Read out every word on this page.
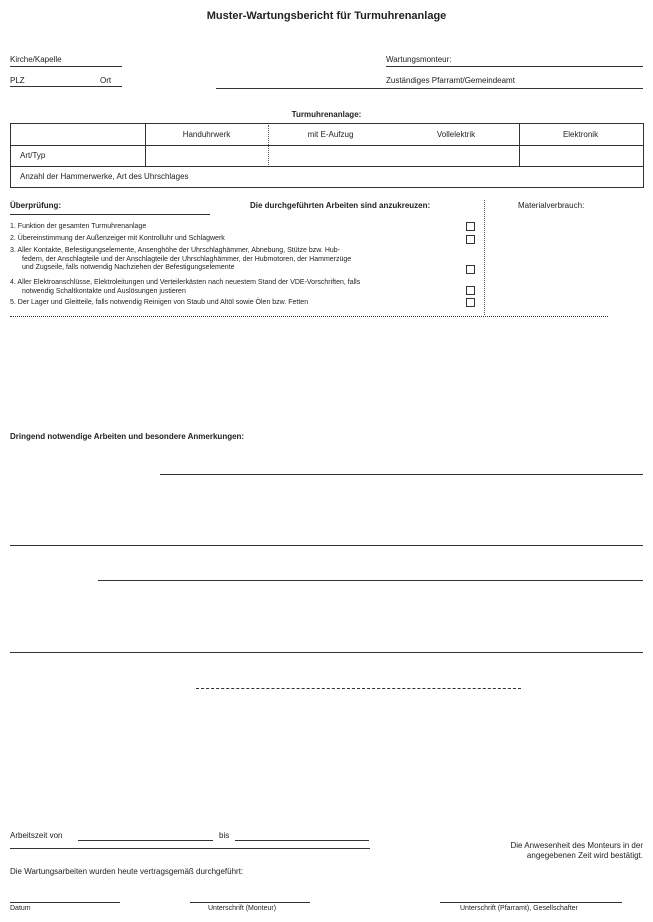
Muster-Wartungsbericht für Turmuhrenanlage
Kirche/Kapelle
PLZ	Ort
Wartungsmonteur:
Zuständiges Pfarramt/Gemeindeamt
Turmuhrenanlage:
Handuhrwerk	mit E-Aufzug	Vollelektrik	Elektronik
Art/Typ
Anzahl der Hammerwerke, Art des Uhrschlages
Überprüfung:	Die durchgeführten Arbeiten sind anzukreuzen:	Materialverbrauch:
1. Funktion der gesamten Turmuhrenanlage
2. Übereinstimmung der Außenzeiger mit Kontrolluhr und Schlagwerk
3. Aller Kontakte, Befestigungselemente, Ansenghöhe der Uhrschlaghämmer, Abnebung, Stütze bzw. Hub-
federn, der Anschlagteile und der Anschlagteile der Uhrschlaghämmer, der Hubmotoren, der Hammerzüge
und Zugseile, falls notwendig Nachziehen der Befestigungselemente
4. Aller Elektroanschlüsse, Elektroleitungen und Verteilerkästen nach neuestem Stand der VDE-Vorschriften, falls
notwendig Schaltkontakte und Auslösungen justieren
5. Der Lager und Gleitteile, falls notwendig Reinigen von Staub und Altöl sowie Ölen bzw. Fetten
Dringend notwendige Arbeiten und besondere Anmerkungen:
Arbeitszeit von	bis
Die Anwesenheit des Monteurs in der
angegebenen Zeit wird bestätigt.
Die Wartungsarbeiten wurden heute vertragsgemäß durchgeführt:
Datum	Unterschrift (Monteur)	Unterschrift (Pfarramt), Gesellschafter
